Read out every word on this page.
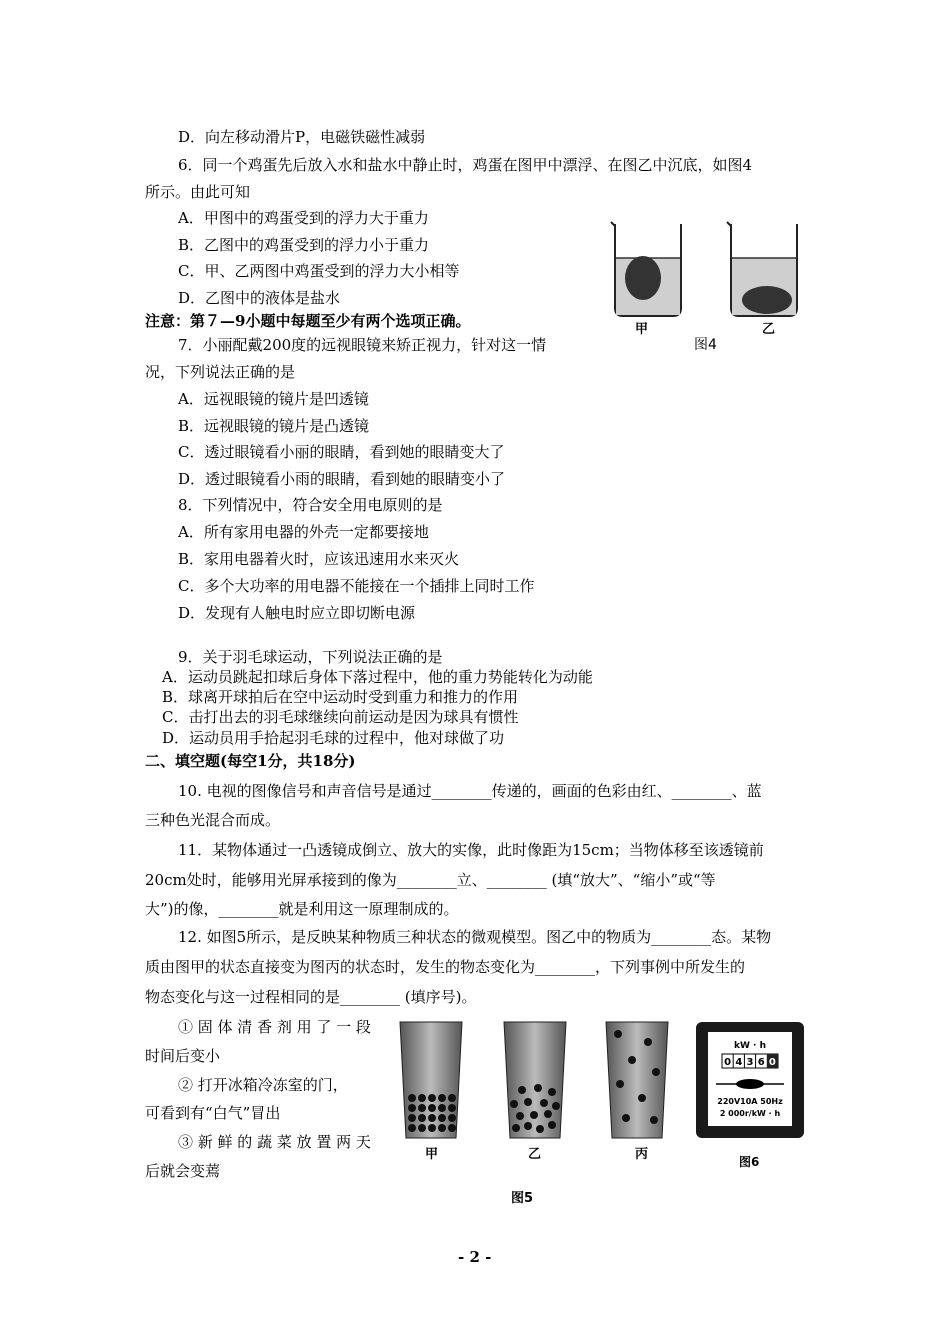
D．向左移动滑片P，电磁铁磁性减弱
6．同一个鸡蛋先后放入水和盐水中静止时，鸡蛋在图甲中漂浮、在图乙中沉底，如图4
所示。由此可知
A．甲图中的鸡蛋受到的浮力大于重力
B．乙图中的鸡蛋受到的浮力小于重力
C．甲、乙两图中鸡蛋受到的浮力大小相等
D．乙图中的液体是盐水
注意：第７—9小题中每题至少有两个选项正确。
7．小丽配戴200度的远视眼镜来矫正视力，针对这一情
况，下列说法正确的是
A．远视眼镜的镜片是凹透镜
B．远视眼镜的镜片是凸透镜
C．透过眼镜看小丽的眼睛，看到她的眼睛变大了
D．透过眼镜看小雨的眼睛，看到她的眼睛变小了
8．下列情况中，符合安全用电原则的是
A．所有家用电器的外壳一定都要接地
B．家用电器着火时，应该迅速用水来灭火
C．多个大功率的用电器不能接在一个插排上同时工作
D．发现有人触电时应立即切断电源
9．关于羽毛球运动，下列说法正确的是
A．运动员跳起扣球后身体下落过程中，他的重力势能转化为动能
B．球离开球拍后在空中运动时受到重力和推力的作用
C．击打出去的羽毛球继续向前运动是因为球具有惯性
D．运动员用手拾起羽毛球的过程中，他对球做了功
二、填空题(每空1分，共18分)
10. 电视的图像信号和声音信号是通过________传递的，画面的色彩由红、________、蓝
三种色光混合而成。
11．某物体通过一凸透镜成倒立、放大的实像，此时像距为15cm；当物体移至该透镜前
20cm处时，能够用光屏承接到的像为________立、________ (填“放大”、“缩小”或“等
大”)的像，________就是利用这一原理制成的。
12. 如图5所示，是反映某种物质三种状态的微观模型。图乙中的物质为________态。某物
质由图甲的状态直接变为图丙的状态时，发生的物态变化为________，下列事例中所发生的
物态变化与这一过程相同的是________ (填序号)。
① 固 体 清 香 剂 用 了 一 段
时间后变小
② 打开冰箱冷冻室的门，
可看到有“白气”冒出
③ 新 鲜 的 蔬 菜 放 置 两 天
后就会变蔫
甲	乙
图4
甲	乙	丙
图5
kW · h
0 4 3 6 0
220V10A 50Hz
2 000r/kW · h
图6
- 2 -
